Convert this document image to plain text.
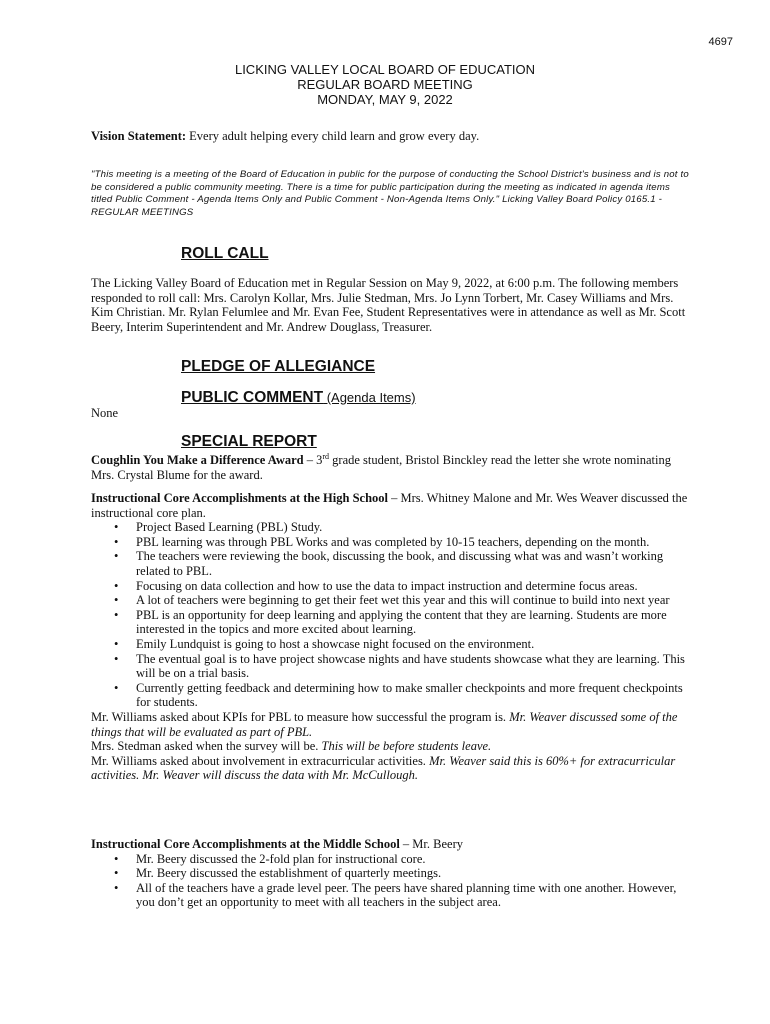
4697
LICKING VALLEY LOCAL BOARD OF EDUCATION
REGULAR BOARD MEETING
MONDAY, MAY 9, 2022
Vision Statement: Every adult helping every child learn and grow every day.
"This meeting is a meeting of the Board of Education in public for the purpose of conducting the School District's business and is not to be considered a public community meeting. There is a time for public participation during the meeting as indicated in agenda items titled Public Comment - Agenda Items Only and Public Comment - Non-Agenda Items Only." Licking Valley Board Policy 0165.1 - REGULAR MEETINGS
ROLL CALL
The Licking Valley Board of Education met in Regular Session on May 9, 2022, at 6:00 p.m. The following members responded to roll call: Mrs. Carolyn Kollar, Mrs. Julie Stedman, Mrs. Jo Lynn Torbert, Mr. Casey Williams and Mrs. Kim Christian. Mr. Rylan Felumlee and Mr. Evan Fee, Student Representatives were in attendance as well as Mr. Scott Beery, Interim Superintendent and Mr. Andrew Douglass, Treasurer.
PLEDGE OF ALLEGIANCE
PUBLIC COMMENT (Agenda Items)
None
SPECIAL REPORT
Coughlin You Make a Difference Award – 3rd grade student, Bristol Binckley read the letter she wrote nominating Mrs. Crystal Blume for the award.
Instructional Core Accomplishments at the High School – Mrs. Whitney Malone and Mr. Wes Weaver discussed the instructional core plan.
• Project Based Learning (PBL) Study.
• PBL learning was through PBL Works and was completed by 10-15 teachers, depending on the month.
• The teachers were reviewing the book, discussing the book, and discussing what was and wasn’t working related to PBL.
• Focusing on data collection and how to use the data to impact instruction and determine focus areas.
• A lot of teachers were beginning to get their feet wet this year and this will continue to build into next year
• PBL is an opportunity for deep learning and applying the content that they are learning. Students are more interested in the topics and more excited about learning.
• Emily Lundquist is going to host a showcase night focused on the environment.
• The eventual goal is to have project showcase nights and have students showcase what they are learning. This will be on a trial basis.
• Currently getting feedback and determining how to make smaller checkpoints and more frequent checkpoints for students.
Mr. Williams asked about KPIs for PBL to measure how successful the program is. Mr. Weaver discussed some of the things that will be evaluated as part of PBL.
Mrs. Stedman asked when the survey will be. This will be before students leave.
Mr. Williams asked about involvement in extracurricular activities. Mr. Weaver said this is 60%+ for extracurricular activities. Mr. Weaver will discuss the data with Mr. McCullough.
Instructional Core Accomplishments at the Middle School – Mr. Beery
• Mr. Beery discussed the 2-fold plan for instructional core.
• Mr. Beery discussed the establishment of quarterly meetings.
• All of the teachers have a grade level peer. The peers have shared planning time with one another. However, you don’t get an opportunity to meet with all teachers in the subject area.
